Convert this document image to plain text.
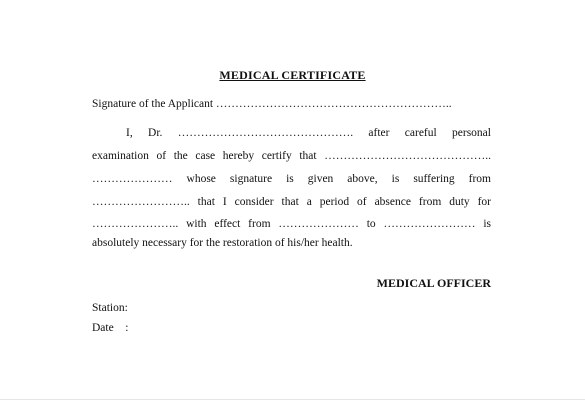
MEDICAL CERTIFICATE
Signature of the Applicant ……………………………………………………..
I, Dr. ………………………………………. after careful personal
examination of the case hereby certify that ……………………………………..
………………… whose signature is given above, is suffering from
…………………….. that I consider that a period of absence from duty for
………………….. with effect from ………………… to …………………… is
absolutely necessary for the restoration of his/her health.
MEDICAL OFFICER
Station:
Date    :
